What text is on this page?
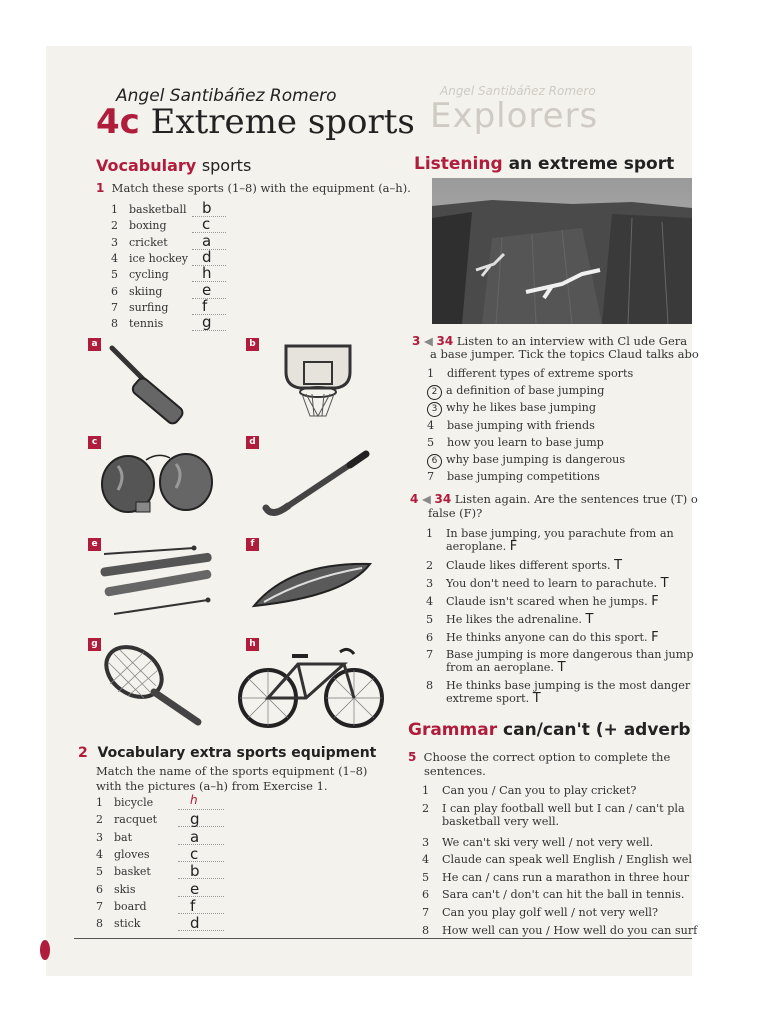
Explorers
Angel Santibáñez Romero
Angel Santibáñez Romero
4c Extreme sports
Vocabulary sports
1 Match these sports (1–8) with the equipment (a–h).
1 basketball b
2 boxing c
3 cricket a
4 ice hockey d
5 cycling h
6 skiing	e
7 surfing f
8 tennis	g
a	b
c	d
e	f
g	h
2 Vocabulary extra sports equipment
Match the name of the sports equipment (1–8)
with the pictures (a–h) from Exercise 1.
1 bicycle	h
2 racquet g
3 bat	a
4 gloves	c
5 basket	b
6 skis	e
7 board	f
8 stick	d
Listening an extreme sport
3 ◀ 34 Listen to an interview with Cl ude Gera
a base jumper. Tick the topics Claud talks abo
1 different types of extreme sports
2 a definition of base jumping
3 why he likes base jumping
4 base jumping with friends
5 how you learn to base jump
6 why base jumping is dangerous
7 base jumping competitions
4 ◀ 34 Listen again. Are the sentences true (T) o
false (F)?
1 In base jumping, you parachute from an
aeroplane. F
2 Claude likes different sports. T
3 You don't need to learn to parachute. T
4 Claude isn't scared when he jumps. F
5 He likes the adrenaline. T
6 He thinks anyone can do this sport. F
7 Base jumping is more dangerous than jump
from an aeroplane. T
8 He thinks base jumping is the most danger
extreme sport. T
Grammar can/can't (+ adverb
5 Choose the correct option to complete the
sentences.
1 Can you / Can you to play cricket?
2 I can play football well but I can / can't pla
basketball very well.
3 We can't ski very well / not very well.
4 Claude can speak well English / English wel
5 He can / cans run a marathon in three hour
6 Sara can't / don't can hit the ball in tennis.
7 Can you play golf well / not very well?
8 How well can you / How well do you can surf
